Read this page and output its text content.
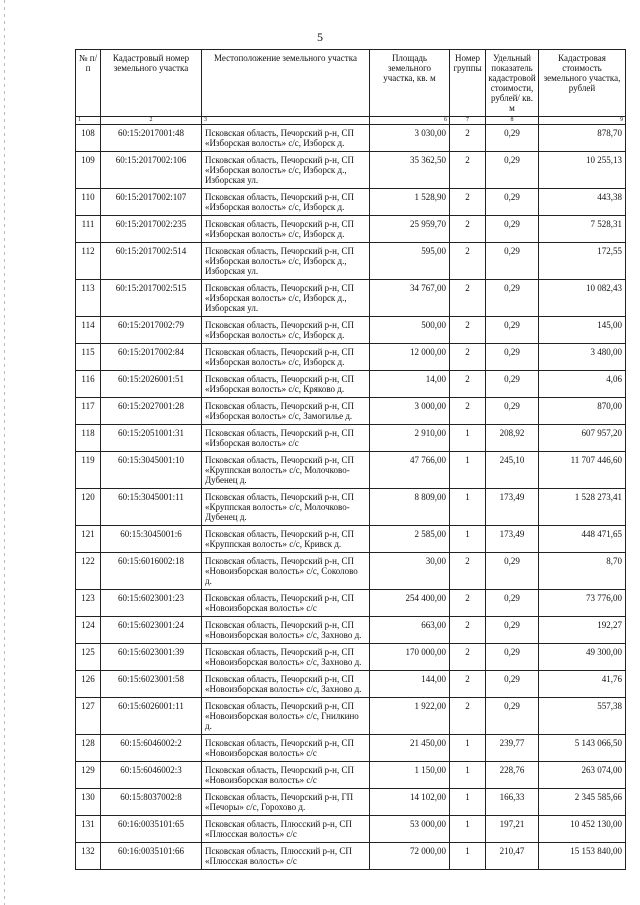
5
№ п/п	Кадастровый номер земельного участка	Местоположение земельного участка	Площадь земельного участка, кв. м	Номер группы	Удельный показатель кадастровой стоимости, рублей/ кв. м	Кадастровая стоимость земельного участка, рублей
1	2	3	6	7	8	9
108	60:15:2017001:48	Псковская область, Печорский р-н, СП «Изборская волость» с/с, Изборск д.	3 030,00	2	0,29	878,70
109	60:15:2017002:106	Псковская область, Печорский р-н, СП «Изборская волость» с/с, Изборск д., Изборская ул.	35 362,50	2	0,29	10 255,13
110	60:15:2017002:107	Псковская область, Печорский р-н, СП «Изборская волость» с/с, Изборск д.	1 528,90	2	0,29	443,38
111	60:15:2017002:235	Псковская область, Печорский р-н, СП «Изборская волость» с/с, Изборск д.	25 959,70	2	0,29	7 528,31
112	60:15:2017002:514	Псковская область, Печорский р-н, СП «Изборская волость» с/с, Изборск д., Изборская ул.	595,00	2	0,29	172,55
113	60:15:2017002:515	Псковская область, Печорский р-н, СП «Изборская волость» с/с, Изборск д., Изборская ул.	34 767,00	2	0,29	10 082,43
114	60:15:2017002:79	Псковская область, Печорский р-н, СП «Изборская волость» с/с, Изборск д.	500,00	2	0,29	145,00
115	60:15:2017002:84	Псковская область, Печорский р-н, СП «Изборская волость» с/с, Изборск д.	12 000,00	2	0,29	3 480,00
116	60:15:2026001:51	Псковская область, Печорский р-н, СП «Изборская волость» с/с, Кряково д.	14,00	2	0,29	4,06
117	60:15:2027001:28	Псковская область, Печорский р-н, СП «Изборская волость» с/с, Замогилье д.	3 000,00	2	0,29	870,00
118	60:15:2051001:31	Псковская область, Печорский р-н, СП «Изборская волость» с/с	2 910,00	1	208,92	607 957,20
119	60:15:3045001:10	Псковская область, Печорский р-н, СП «Круппская волость» с/с, Молочково-Дубенец д.	47 766,00	1	245,10	11 707 446,60
120	60:15:3045001:11	Псковская область, Печорский р-н, СП «Круппская волость» с/с, Молочково-Дубенец д.	8 809,00	1	173,49	1 528 273,41
121	60:15:3045001:6	Псковская область, Печорский р-н, СП «Круппская волость» с/с, Кривск д.	2 585,00	1	173,49	448 471,65
122	60:15:6016002:18	Псковская область, Печорский р-н, СП «Новоизборская волость» с/с, Соколово д.	30,00	2	0,29	8,70
123	60:15:6023001:23	Псковская область, Печорский р-н, СП «Новоизборская волость» с/с	254 400,00	2	0,29	73 776,00
124	60:15:6023001:24	Псковская область, Печорский р-н, СП «Новоизборская волость» с/с, Захново д.	663,00	2	0,29	192,27
125	60:15:6023001:39	Псковская область, Печорский р-н, СП «Новоизборская волость» с/с, Захново д.	170 000,00	2	0,29	49 300,00
126	60:15:6023001:58	Псковская область, Печорский р-н, СП «Новоизборская волость» с/с, Захново д.	144,00	2	0,29	41,76
127	60:15:6026001:11	Псковская область, Печорский р-н, СП «Новоизборская волость» с/с, Гнилкино д.	1 922,00	2	0,29	557,38
128	60:15:6046002:2	Псковская область, Печорский р-н, СП «Новоизборская волость» с/с	21 450,00	1	239,77	5 143 066,50
129	60:15:6046002:3	Псковская область, Печорский р-н, СП «Новоизборская волость» с/с	1 150,00	1	228,76	263 074,00
130	60:15:8037002:8	Псковская область, Печорский р-н, ГП «Печоры» с/с, Горохово д.	14 102,00	1	166,33	2 345 585,66
131	60:16:0035101:65	Псковская область, Плюсский р-н, СП «Плюсская волость» с/с	53 000,00	1	197,21	10 452 130,00
132	60:16:0035101:66	Псковская область, Плюсский р-н, СП «Плюсская волость» с/с	72 000,00	1	210,47	15 153 840,00
